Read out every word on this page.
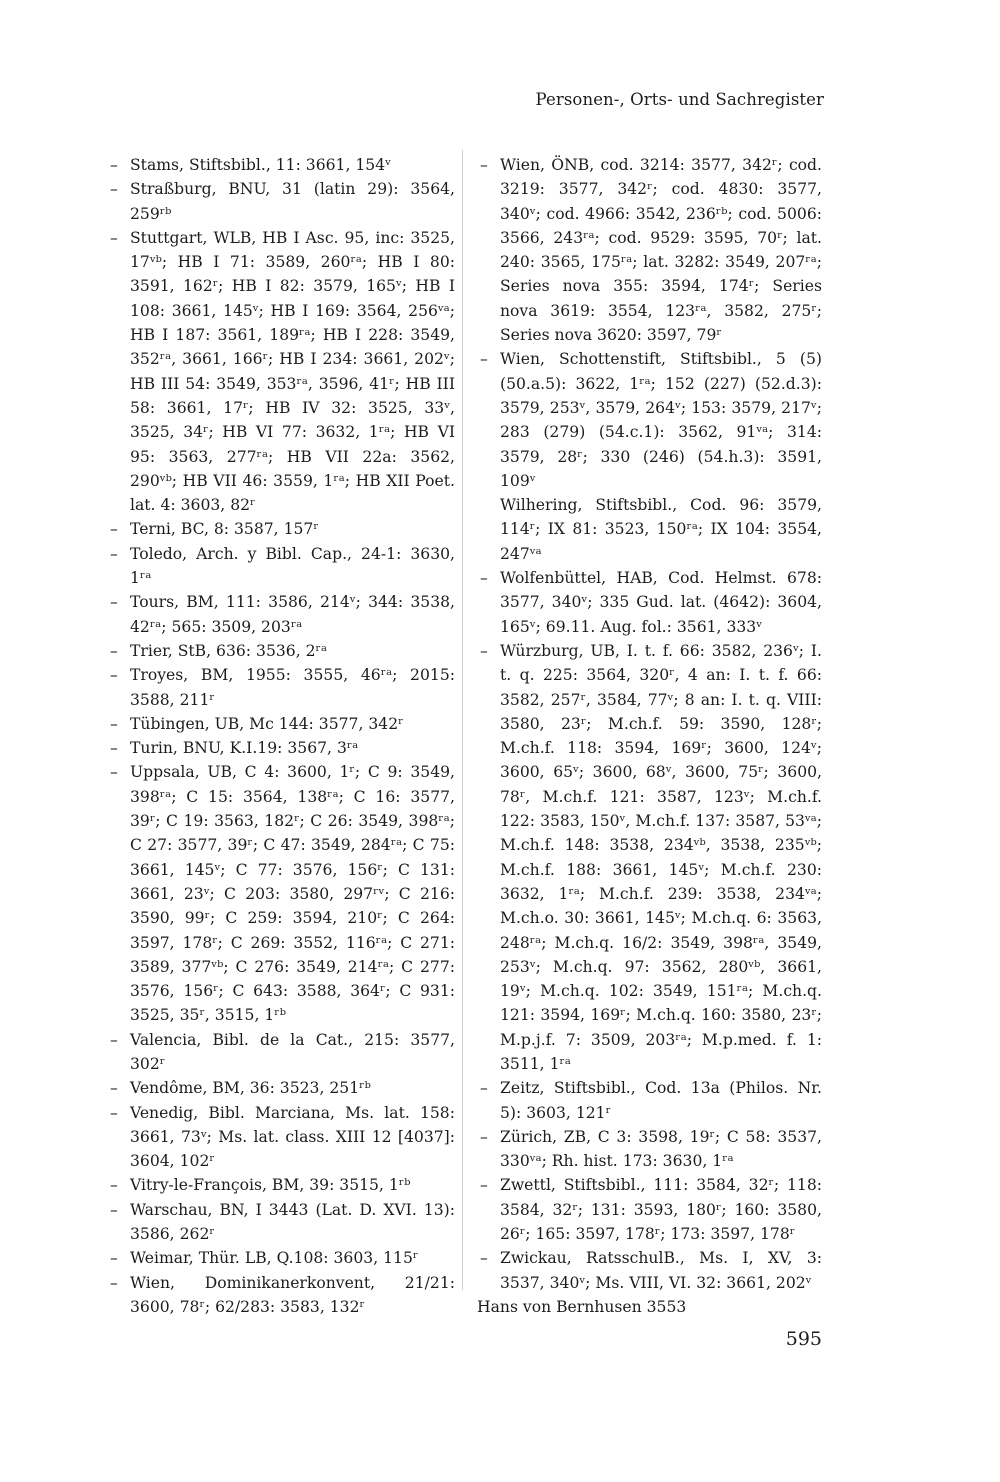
Personen-, Orts- und Sachregister
– Stams, Stiftsbibl., 11: 3661, 154ᵛ
– Straßburg, BNU, 31 (latin 29): 3564, 259ʳᵇ
– Stuttgart, WLB, HB I Asc. 95, inc: 3525, 17ᵛᵇ; HB I 71: 3589, 260ʳᵃ; HB I 80: 3591, 162ʳ; HB I 82: 3579, 165ᵛ; HB I 108: 3661, 145ᵛ; HB I 169: 3564, 256ᵛᵃ; HB I 187: 3561, 189ʳᵃ; HB I 228: 3549, 352ʳᵃ, 3661, 166ʳ; HB I 234: 3661, 202ᵛ; HB III 54: 3549, 353ʳᵃ, 3596, 41ʳ; HB III 58: 3661, 17ʳ; HB IV 32: 3525, 33ᵛ, 3525, 34ʳ; HB VI 77: 3632, 1ʳᵃ; HB VI 95: 3563, 277ʳᵃ; HB VII 22a: 3562, 290ᵛᵇ; HB VII 46: 3559, 1ʳᵃ; HB XII Poet. lat. 4: 3603, 82ʳ
– Terni, BC, 8: 3587, 157ʳ
– Toledo, Arch. y Bibl. Cap., 24-1: 3630, 1ʳᵃ
– Tours, BM, 111: 3586, 214ᵛ; 344: 3538, 42ʳᵃ; 565: 3509, 203ʳᵃ
– Trier, StB, 636: 3536, 2ʳᵃ
– Troyes, BM, 1955: 3555, 46ʳᵃ; 2015: 3588, 211ʳ
– Tübingen, UB, Mc 144: 3577, 342ʳ
– Turin, BNU, K.I.19: 3567, 3ʳᵃ
– Uppsala, UB, C 4: 3600, 1ʳ; C 9: 3549, 398ʳᵃ; C 15: 3564, 138ʳᵃ; C 16: 3577, 39ʳ; C 19: 3563, 182ʳ; C 26: 3549, 398ʳᵃ; C 27: 3577, 39ʳ; C 47: 3549, 284ʳᵃ; C 75: 3661, 145ᵛ; C 77: 3576, 156ʳ; C 131: 3661, 23ᵛ; C 203: 3580, 297ʳᵛ; C 216: 3590, 99ʳ; C 259: 3594, 210ʳ; C 264: 3597, 178ʳ; C 269: 3552, 116ʳᵃ; C 271: 3589, 377ᵛᵇ; C 276: 3549, 214ʳᵃ; C 277: 3576, 156ʳ; C 643: 3588, 364ʳ; C 931: 3525, 35ʳ, 3515, 1ʳᵇ
– Valencia, Bibl. de la Cat., 215: 3577, 302ʳ
– Vendôme, BM, 36: 3523, 251ʳᵇ
– Venedig, Bibl. Marciana, Ms. lat. 158: 3661, 73ᵛ; Ms. lat. class. XIII 12 [4037]: 3604, 102ʳ
– Vitry-le-François, BM, 39: 3515, 1ʳᵇ
– Warschau, BN, I 3443 (Lat. D. XVI. 13): 3586, 262ʳ
– Weimar, Thür. LB, Q.108: 3603, 115ʳ
– Wien, Dominikanerkonvent, 21/21: 3600, 78ʳ; 62/283: 3583, 132ʳ
– Wien, ÖNB, cod. 3214: 3577, 342ʳ; cod. 3219: 3577, 342ʳ; cod. 4830: 3577, 340ᵛ; cod. 4966: 3542, 236ʳᵇ; cod. 5006: 3566, 243ʳᵃ; cod. 9529: 3595, 70ʳ; lat. 240: 3565, 175ʳᵃ; lat. 3282: 3549, 207ʳᵃ; Series nova 355: 3594, 174ʳ; Series nova 3619: 3554, 123ʳᵃ, 3582, 275ʳ; Series nova 3620: 3597, 79ʳ
– Wien, Schottenstift, Stiftsbibl., 5 (5) (50.a.5): 3622, 1ʳᵃ; 152 (227) (52.d.3): 3579, 253ᵛ, 3579, 264ᵛ; 153: 3579, 217ᵛ; 283 (279) (54.c.1): 3562, 91ᵛᵃ; 314: 3579, 28ʳ; 330 (246) (54.h.3): 3591, 109ᵛ
Wilhering, Stiftsbibl., Cod. 96: 3579, 114ʳ; IX 81: 3523, 150ʳᵃ; IX 104: 3554, 247ᵛᵃ
– Wolfenbüttel, HAB, Cod. Helmst. 678: 3577, 340ᵛ; 335 Gud. lat. (4642): 3604, 165ᵛ; 69.11. Aug. fol.: 3561, 333ᵛ
– Würzburg, UB, I. t. f. 66: 3582, 236ᵛ; I. t. q. 225: 3564, 320ʳ, 4 an: I. t. f. 66: 3582, 257ʳ, 3584, 77ᵛ; 8 an: I. t. q. VIII: 3580, 23ʳ; M.ch.f. 59: 3590, 128ʳ; M.ch.f. 118: 3594, 169ʳ; 3600, 124ᵛ; 3600, 65ᵛ; 3600, 68ᵛ, 3600, 75ʳ; 3600, 78ʳ, M.ch.f. 121: 3587, 123ᵛ; M.ch.f. 122: 3583, 150ᵛ, M.ch.f. 137: 3587, 53ᵛᵃ; M.ch.f. 148: 3538, 234ᵛᵇ, 3538, 235ᵛᵇ; M.ch.f. 188: 3661, 145ᵛ; M.ch.f. 230: 3632, 1ʳᵃ; M.ch.f. 239: 3538, 234ᵛᵃ; M.ch.o. 30: 3661, 145ᵛ; M.ch.q. 6: 3563, 248ʳᵃ; M.ch.q. 16/2: 3549, 398ʳᵃ, 3549, 253ᵛ; M.ch.q. 97: 3562, 280ᵛᵇ, 3661, 19ᵛ; M.ch.q. 102: 3549, 151ʳᵃ; M.ch.q. 121: 3594, 169ʳ; M.ch.q. 160: 3580, 23ʳ; M.p.j.f. 7: 3509, 203ʳᵃ; M.p.med. f. 1: 3511, 1ʳᵃ
– Zeitz, Stiftsbibl., Cod. 13a (Philos. Nr. 5): 3603, 121ʳ
– Zürich, ZB, C 3: 3598, 19ʳ; C 58: 3537, 330ᵛᵃ; Rh. hist. 173: 3630, 1ʳᵃ
– Zwettl, Stiftsbibl., 111: 3584, 32ʳ; 118: 3584, 32ʳ; 131: 3593, 180ʳ; 160: 3580, 26ʳ; 165: 3597, 178ʳ; 173: 3597, 178ʳ
– Zwickau, RatsschulB., Ms. I, XV, 3: 3537, 340ᵛ; Ms. VIII, VI. 32: 3661, 202ᵛ
Hans von Bernhusen 3553
595
